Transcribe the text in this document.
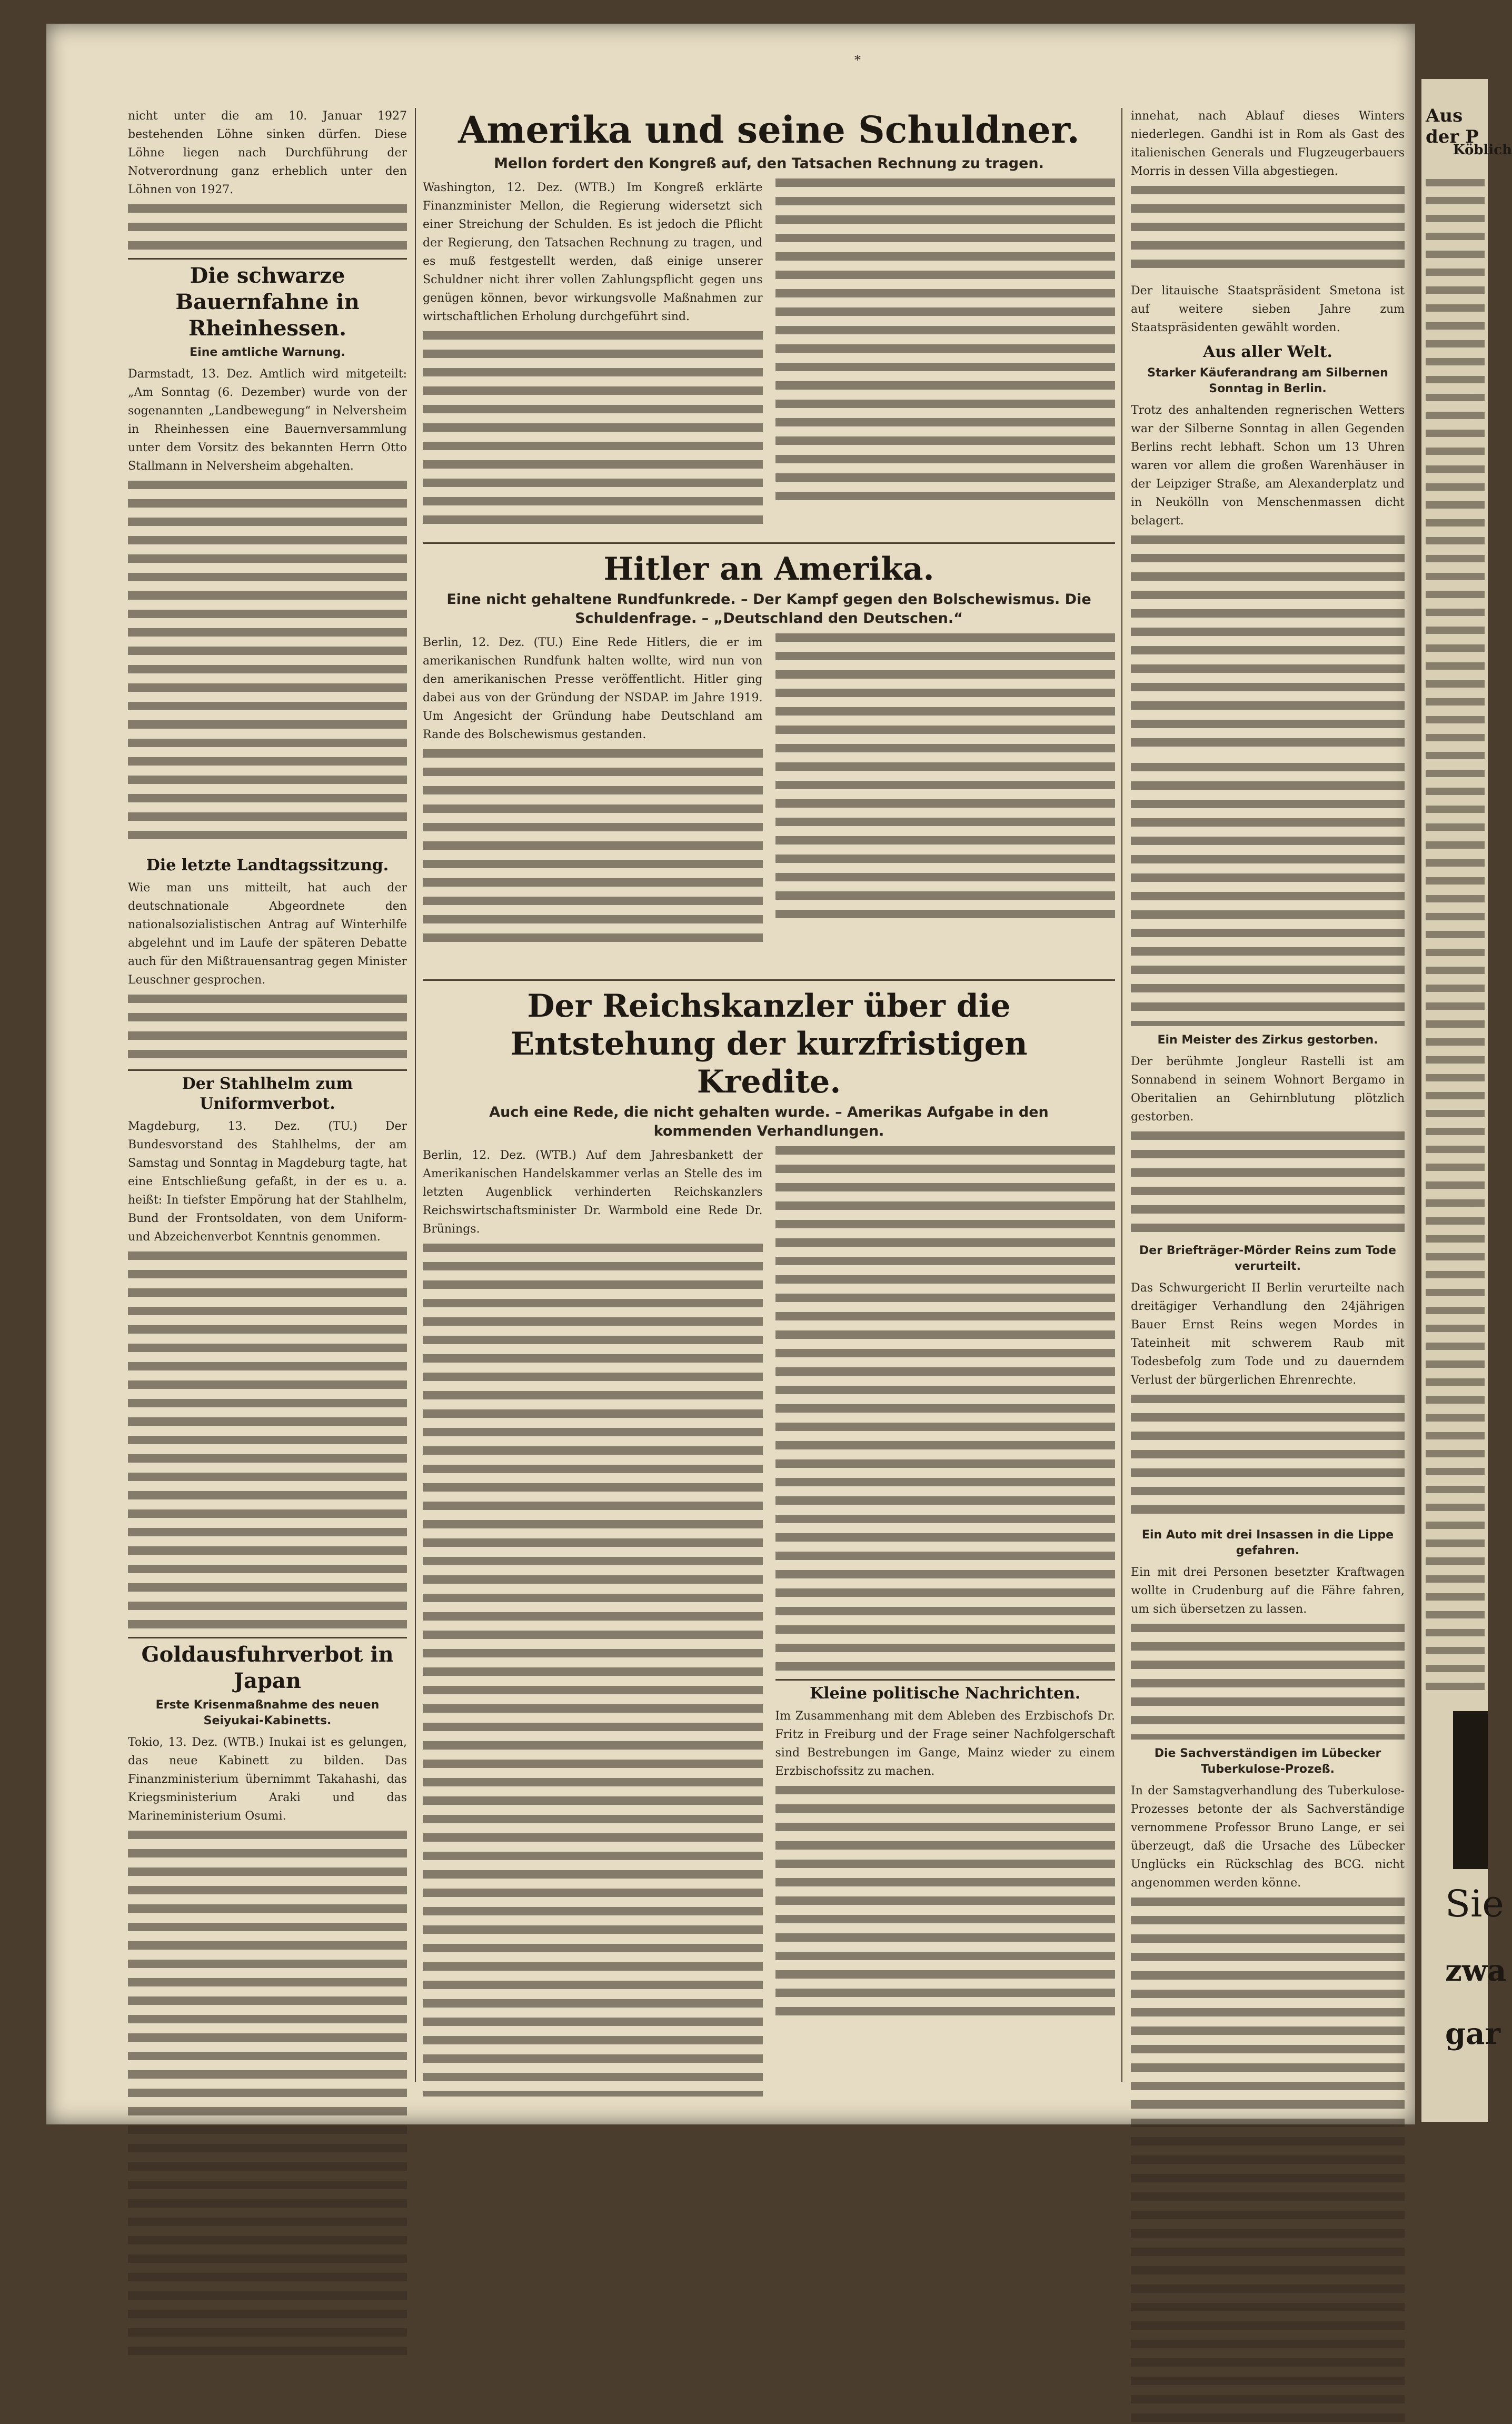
*

nicht unter die am 10. Januar 1927 bestehenden Löhne sinken dürfen. Diese Löhne liegen nach Durchführung der Notverordnung ganz erheblich unter den Löhnen von 1927.

Die schwarze Bauernfahne in Rheinhessen.
Eine amtliche Warnung.

Darmstadt, 13. Dez. Amtlich wird mitgeteilt: „Am Sonntag (6. Dezember) wurde von der sogenannten „Landbewegung“ in Nelversheim in Rheinhessen eine Bauernversammlung unter dem Vorsitz des bekannten Herrn Otto Stallmann in Nelversheim abgehalten.

Die letzte Landtagssitzung.

Wie man uns mitteilt, hat auch der deutschnationale Abgeordnete den nationalsozialistischen Antrag auf Winterhilfe abgelehnt und im Laufe der späteren Debatte auch für den Mißtrauensantrag gegen Minister Leuschner gesprochen.

Der Stahlhelm zum Uniformverbot.

Magdeburg, 13. Dez. (TU.) Der Bundesvorstand des Stahlhelms, der am Samstag und Sonntag in Magdeburg tagte, hat eine Entschließung gefaßt, in der es u. a. heißt: In tiefster Empörung hat der Stahlhelm, Bund der Frontsoldaten, von dem Uniform- und Abzeichenverbot Kenntnis genommen.

Goldausfuhrverbot in Japan
Erste Krisenmaßnahme des neuen Seiyukai-Kabinetts.

Tokio, 13. Dez. (WTB.) Inukai ist es gelungen, das neue Kabinett zu bilden. Das Finanzministerium übernimmt Takahashi, das Kriegsministerium Araki und das Marineministerium Osumi.

Amerika und seine Schuldner.
Mellon fordert den Kongreß auf, den Tatsachen Rechnung zu tragen.

Washington, 12. Dez. (WTB.) Im Kongreß erklärte Finanzminister Mellon, die Regierung widersetzt sich einer Streichung der Schulden. Es ist jedoch die Pflicht der Regierung, den Tatsachen Rechnung zu tragen, und es muß festgestellt werden, daß einige unserer Schuldner nicht ihrer vollen Zahlungspflicht gegen uns genügen können, bevor wirkungsvolle Maßnahmen zur wirtschaftlichen Erholung durchgeführt sind.

Hitler an Amerika.
Eine nicht gehaltene Rundfunkrede. – Der Kampf gegen den Bolschewismus. Die Schuldenfrage. – „Deutschland den Deutschen.“

Berlin, 12. Dez. (TU.) Eine Rede Hitlers, die er im amerikanischen Rundfunk halten wollte, wird nun von den amerikanischen Presse veröffentlicht. Hitler ging dabei aus von der Gründung der NSDAP. im Jahre 1919. Um Angesicht der Gründung habe Deutschland am Rande des Bolschewismus gestanden.

Der Reichskanzler über die Entstehung der kurzfristigen Kredite.
Auch eine Rede, die nicht gehalten wurde. – Amerikas Aufgabe in den kommenden Verhandlungen.

Berlin, 12. Dez. (WTB.) Auf dem Jahresbankett der Amerikanischen Handelskammer verlas an Stelle des im letzten Augenblick verhinderten Reichskanzlers Reichswirtschaftsminister Dr. Warmbold eine Rede Dr. Brünings.

Kleine politische Nachrichten.

Im Zusammenhang mit dem Ableben des Erzbischofs Dr. Fritz in Freiburg und der Frage seiner Nachfolgerschaft sind Bestrebungen im Gange, Mainz wieder zu einem Erzbischofssitz zu machen.

innehat, nach Ablauf dieses Winters niederlegen. Gandhi ist in Rom als Gast des italienischen Generals und Flugzeugerbauers Morris in dessen Villa abgestiegen.

Der litauische Staatspräsident Smetona ist auf weitere sieben Jahre zum Staatspräsidenten gewählt worden.

Aus aller Welt.
Starker Käuferandrang am Silbernen Sonntag in Berlin.

Trotz des anhaltenden regnerischen Wetters war der Silberne Sonntag in allen Gegenden Berlins recht lebhaft. Schon um 13 Uhren waren vor allem die großen Warenhäuser in der Leipziger Straße, am Alexanderplatz und in Neukölln von Menschenmassen dicht belagert.

Ein Meister des Zirkus gestorben.

Der berühmte Jongleur Rastelli ist am Sonnabend in seinem Wohnort Bergamo in Oberitalien an Gehirnblutung plötzlich gestorben.

Der Briefträger-Mörder Reins zum Tode verurteilt.

Das Schwurgericht II Berlin verurteilte nach dreitägiger Verhandlung den 24jährigen Bauer Ernst Reins wegen Mordes in Tateinheit mit schwerem Raub mit Todesbefolg zum Tode und zu dauerndem Verlust der bürgerlichen Ehrenrechte.

Ein Auto mit drei Insassen in die Lippe gefahren.

Ein mit drei Personen besetzter Kraftwagen wollte in Crudenburg auf die Fähre fahren, um sich übersetzen zu lassen.

Die Sachverständigen im Lübecker Tuberkulose-Prozeß.

In der Samstagverhandlung des Tuberkulose-Prozesses betonte der als Sachverständige vernommene Professor Bruno Lange, er sei überzeugt, daß die Ursache des Lübecker Unglücks ein Rückschlag des BCG. nicht angenommen werden könne.

Aus der P
Köblich
Sie
zwa
gar
